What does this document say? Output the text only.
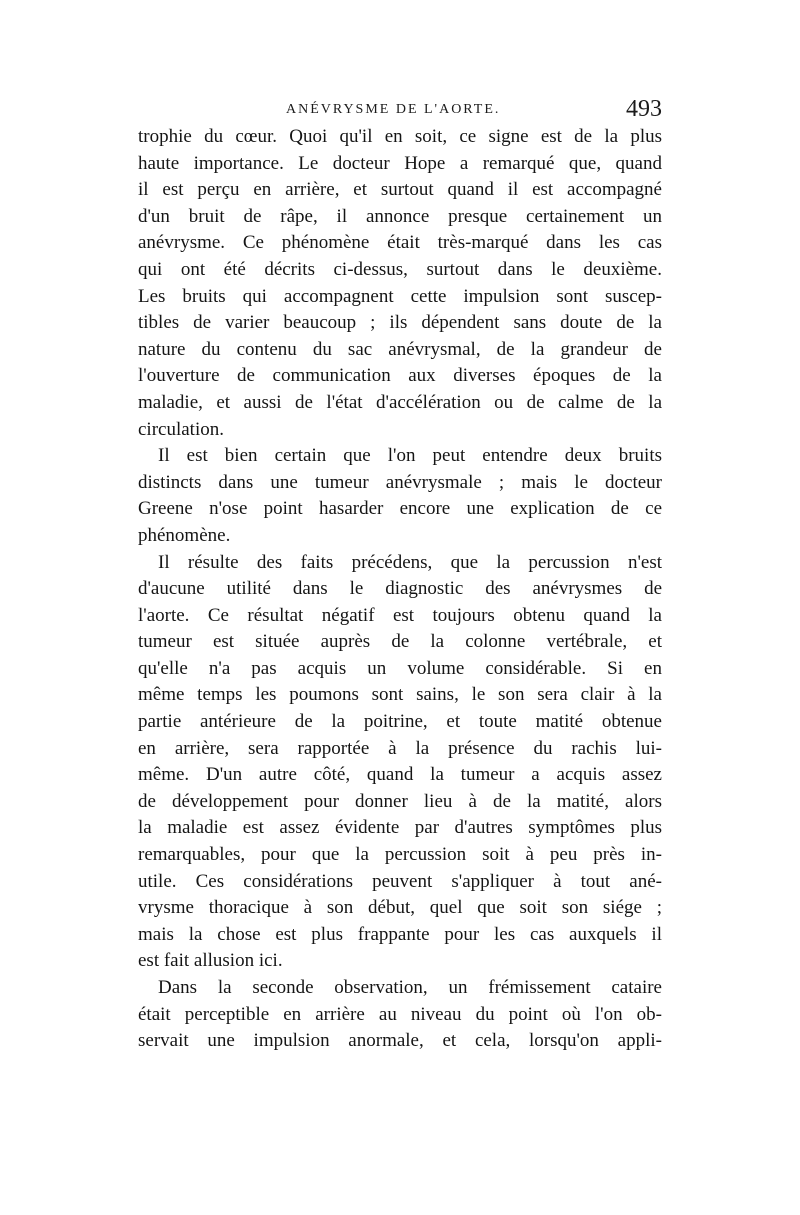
ANÉVRYSME DE L'AORTE.	493
trophie du cœur. Quoi qu'il en soit, ce signe est de la plus
haute importance. Le docteur Hope a remarqué que, quand
il est perçu en arrière, et surtout quand il est accompagné
d'un bruit de râpe, il annonce presque certainement un
anévrysme. Ce phénomène était très-marqué dans les cas
qui ont été décrits ci-dessus, surtout dans le deuxième.
Les bruits qui accompagnent cette impulsion sont suscep-
tibles de varier beaucoup ; ils dépendent sans doute de la
nature du contenu du sac anévrysmal, de la grandeur de
l'ouverture de communication aux diverses époques de la
maladie, et aussi de l'état d'accélération ou de calme de la
circulation.
Il est bien certain que l'on peut entendre deux bruits
distincts dans une tumeur anévrysmale ; mais le docteur
Greene n'ose point hasarder encore une explication de ce
phénomène.
Il résulte des faits précédens, que la percussion n'est
d'aucune utilité dans le diagnostic des anévrysmes de
l'aorte. Ce résultat négatif est toujours obtenu quand la
tumeur est située auprès de la colonne vertébrale, et
qu'elle n'a pas acquis un volume considérable. Si en
même temps les poumons sont sains, le son sera clair à la
partie antérieure de la poitrine, et toute matité obtenue
en arrière, sera rapportée à la présence du rachis lui-
même. D'un autre côté, quand la tumeur a acquis assez
de développement pour donner lieu à de la matité, alors
la maladie est assez évidente par d'autres symptômes plus
remarquables, pour que la percussion soit à peu près in-
utile. Ces considérations peuvent s'appliquer à tout ané-
vrysme thoracique à son début, quel que soit son siége ;
mais la chose est plus frappante pour les cas auxquels il
est fait allusion ici.
Dans la seconde observation, un frémissement cataire
était perceptible en arrière au niveau du point où l'on ob-
servait une impulsion anormale, et cela, lorsqu'on appli-
